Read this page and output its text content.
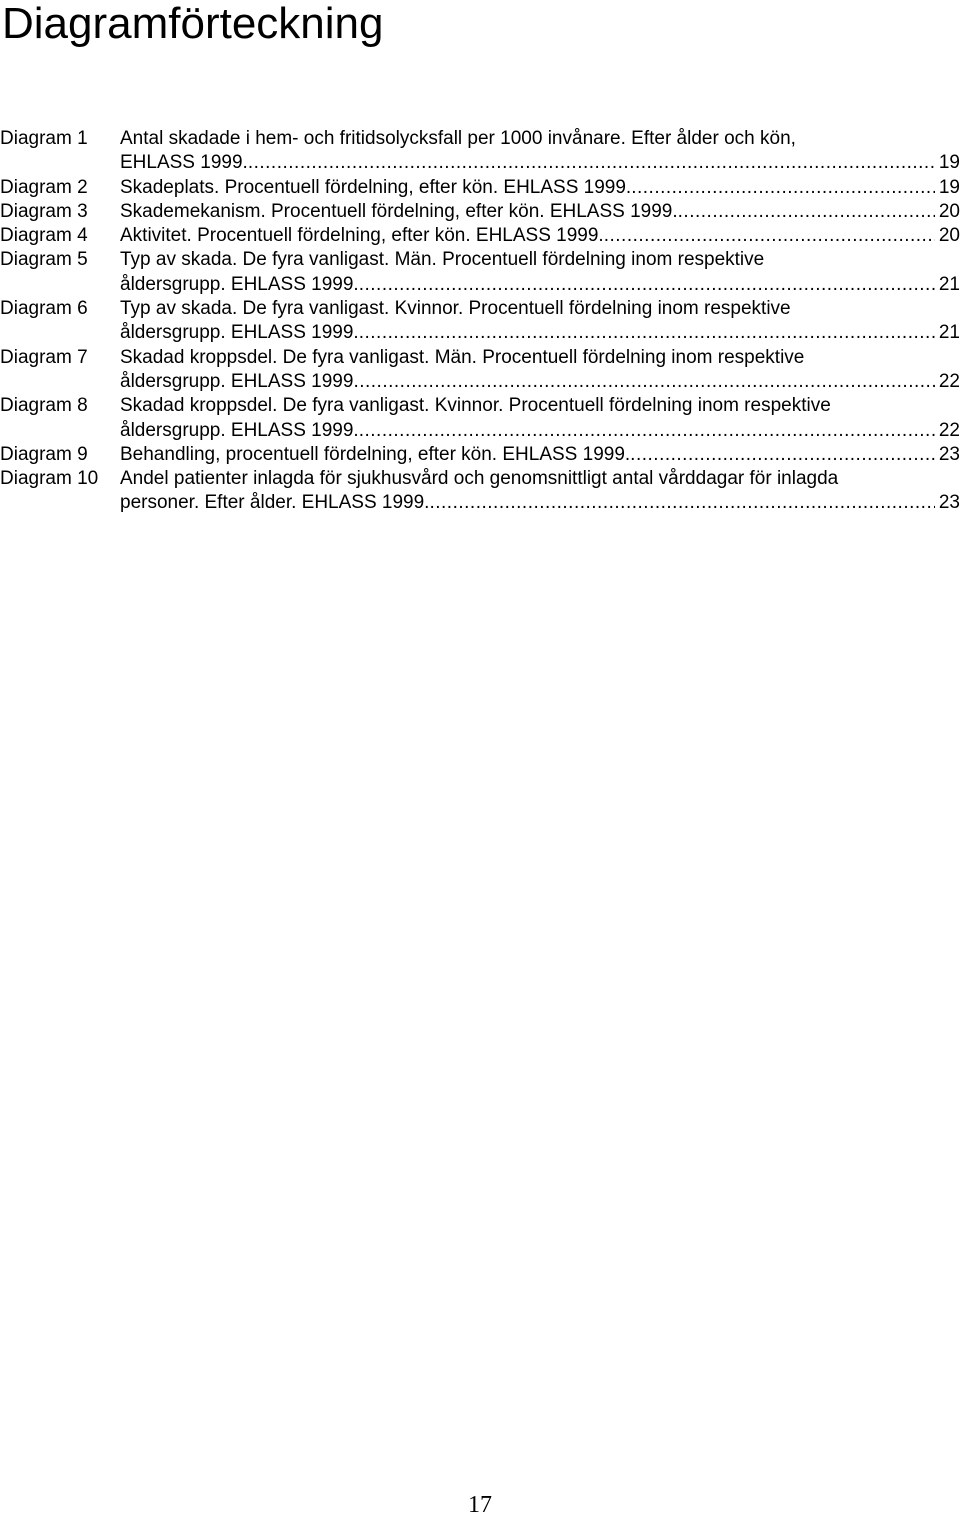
Diagramförteckning
Diagram 1	Antal skadade i hem- och fritidsolycksfall per 1000 invånare. Efter ålder och kön,
EHLASS 1999. .....	19
Diagram 2	Skadeplats. Procentuell fördelning, efter kön. EHLASS 1999. .....	19
Diagram 3	Skademekanism. Procentuell fördelning, efter kön. EHLASS 1999. .....	20
Diagram 4	Aktivitet. Procentuell fördelning, efter kön. EHLASS 1999. .....	20
Diagram 5	Typ av skada. De fyra vanligast. Män. Procentuell fördelning inom respektive
åldersgrupp. EHLASS 1999. .....	21
Diagram 6	Typ av skada. De fyra vanligast. Kvinnor. Procentuell fördelning inom respektive
åldersgrupp. EHLASS 1999. .....	21
Diagram 7	Skadad kroppsdel. De fyra vanligast. Män. Procentuell fördelning inom respektive
åldersgrupp. EHLASS 1999 .....	22
Diagram 8	Skadad kroppsdel. De fyra vanligast. Kvinnor. Procentuell fördelning inom respektive
åldersgrupp. EHLASS 1999. .....	22
Diagram 9	Behandling, procentuell fördelning, efter kön. EHLASS 1999. .....	23
Diagram 10	Andel patienter inlagda för sjukhusvård och genomsnittligt antal vårddagar för inlagda
personer. Efter ålder. EHLASS 1999. .....	23
17
